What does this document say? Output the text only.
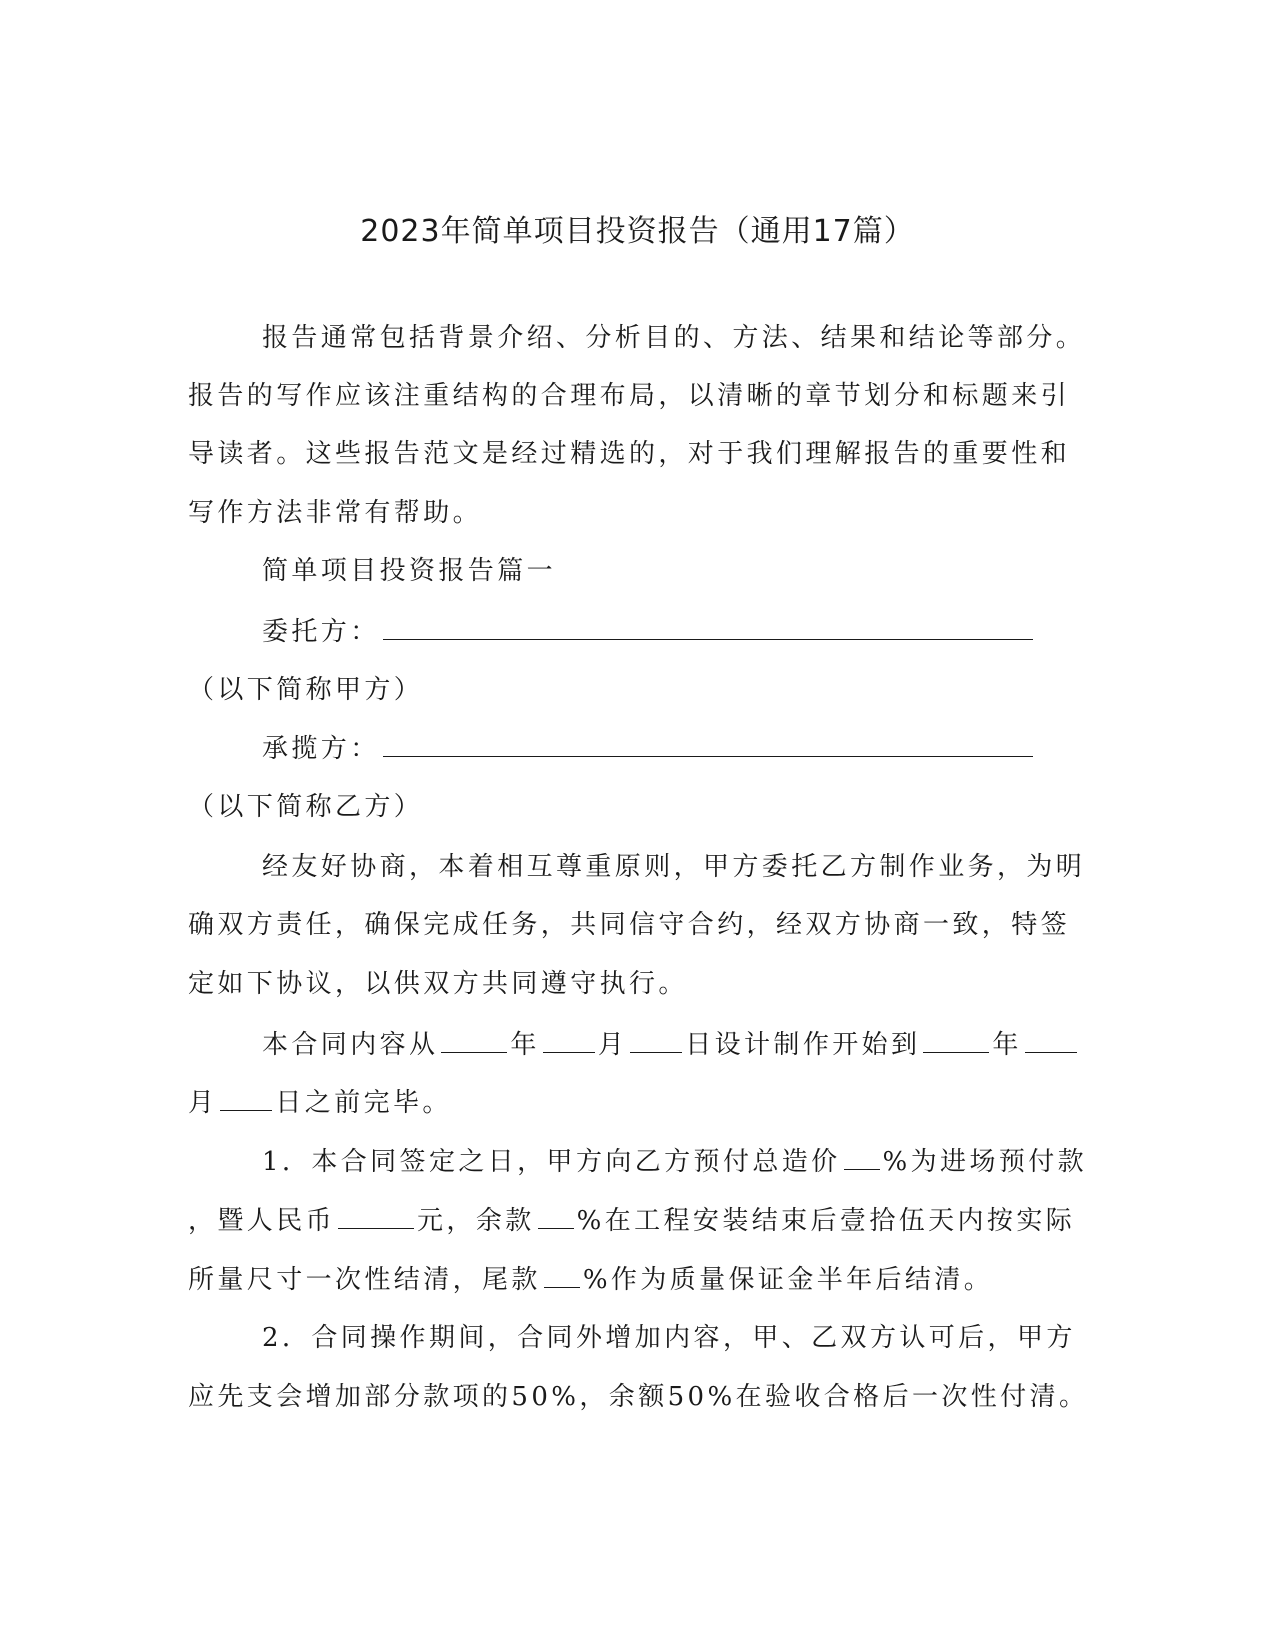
2023年简单项目投资报告（通用17篇）
报告通常包括背景介绍、分析目的、方法、结果和结论等部分。
报告的写作应该注重结构的合理布局，以清晰的章节划分和标题来引
导读者。这些报告范文是经过精选的，对于我们理解报告的重要性和
写作方法非常有帮助。
简单项目投资报告篇一
委托方：
（以下简称甲方）
承揽方：
（以下简称乙方）
经友好协商，本着相互尊重原则，甲方委托乙方制作业务，为明
确双方责任，确保完成任务，共同信守合约，经双方协商一致，特签
定如下协议，以供双方共同遵守执行。
本合同内容从	年 月 日设计制作开始到	年
月 日之前完毕。
1．本合同签定之日，甲方向乙方预付总造价 %为进场预付款
，暨人民币	元，余款 %在工程安装结束后壹拾伍天内按实际
所量尺寸一次性结清，尾款 %作为质量保证金半年后结清。
2．合同操作期间，合同外增加内容，甲、乙双方认可后，甲方
应先支会增加部分款项的50%，余额50%在验收合格后一次性付清。
